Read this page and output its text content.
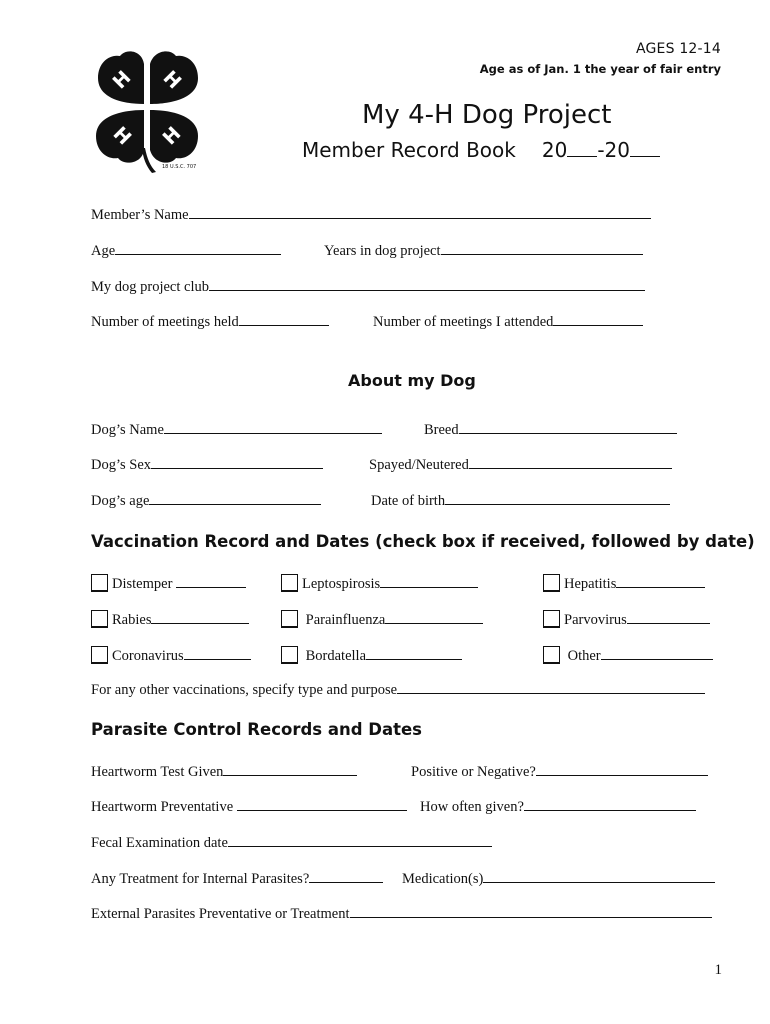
AGES 12-14
Age as of Jan. 1 the year of fair entry
H H
H H
18 U.S.C. 707
My 4-H Dog Project
Member Record Book 20 -20
Member’s Name
Age	Years in dog project
My dog project club
Number of meetings held	Number of meetings I attended
About my Dog
Dog’s Name	Breed
Dog’s Sex	Spayed/Neutered
Dog’s age	Date of birth
Vaccination Record and Dates (check box if received, followed by date)
Distemper	Leptospirosis	Hepatitis
Rabies	Parainfluenza	Parvovirus
Coronavirus	Bordatella	Other
For any other vaccinations, specify type and purpose
Parasite Control Records and Dates
Heartworm Test Given	Positive or Negative?
Heartworm Preventative	How often given?
Fecal Examination date
Any Treatment for Internal Parasites?	Medication(s)
External Parasites Preventative or Treatment
1
